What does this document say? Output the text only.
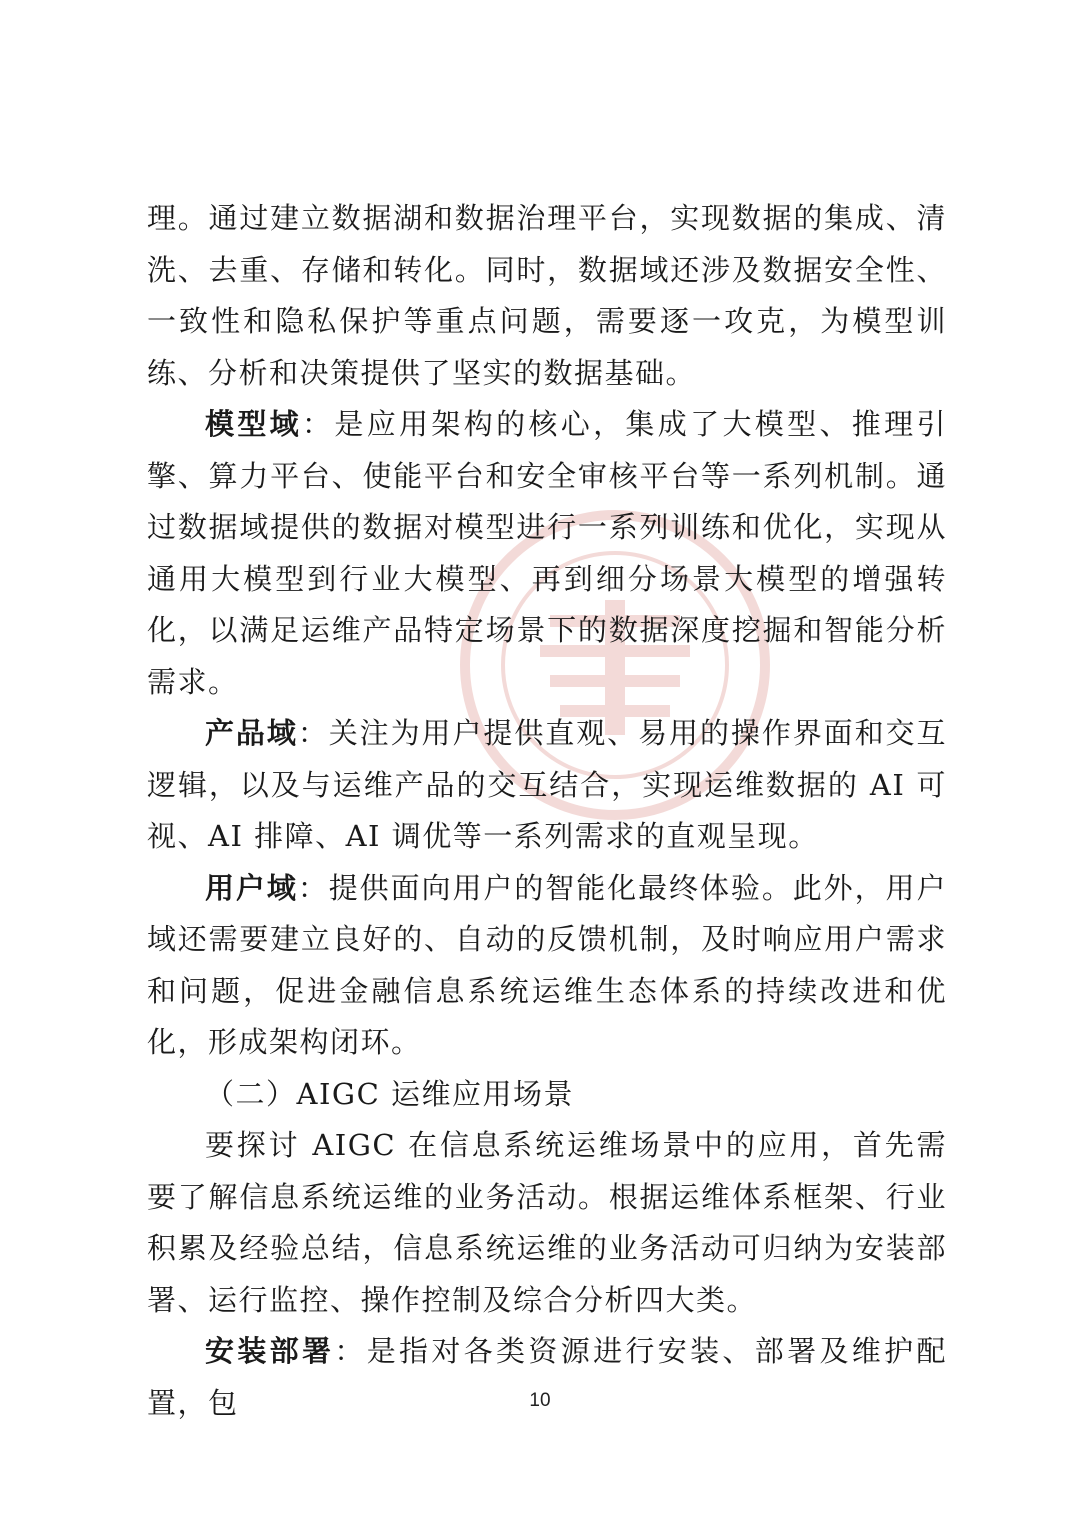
理。通过建立数据湖和数据治理平台，实现数据的集成、清洗、去重、存储和转化。同时，数据域还涉及数据安全性、一致性和隐私保护等重点问题，需要逐一攻克，为模型训练、分析和决策提供了坚实的数据基础。

模型域：是应用架构的核心，集成了大模型、推理引擎、算力平台、使能平台和安全审核平台等一系列机制。通过数据域提供的数据对模型进行一系列训练和优化，实现从通用大模型到行业大模型、再到细分场景大模型的增强转化，以满足运维产品特定场景下的数据深度挖掘和智能分析需求。

产品域：关注为用户提供直观、易用的操作界面和交互逻辑，以及与运维产品的交互结合，实现运维数据的 AI 可视、AI 排障、AI 调优等一系列需求的直观呈现。

用户域：提供面向用户的智能化最终体验。此外，用户域还需要建立良好的、自动的反馈机制，及时响应用户需求和问题，促进金融信息系统运维生态体系的持续改进和优化，形成架构闭环。

（二）AIGC 运维应用场景

要探讨 AIGC 在信息系统运维场景中的应用，首先需要了解信息系统运维的业务活动。根据运维体系框架、行业积累及经验总结，信息系统运维的业务活动可归纳为安装部署、运行监控、操作控制及综合分析四大类。

安装部署：是指对各类资源进行安装、部署及维护配置，包	10
